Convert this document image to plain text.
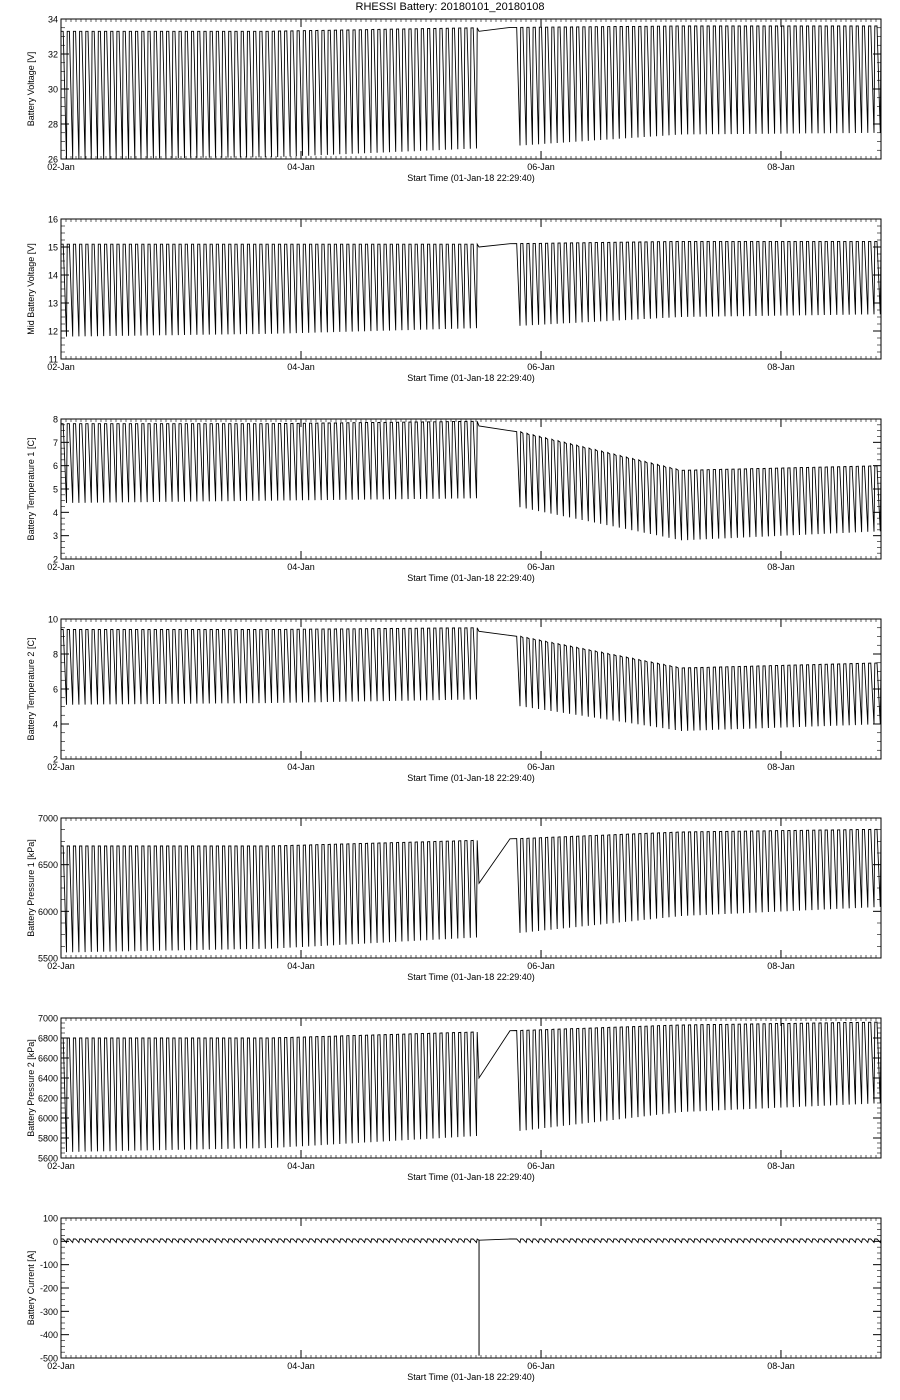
RHESSI Battery: 20180101_20180108
02-Jan	04-Jan	06-Jan	08-Jan
Start Time (01-Jan-18 22:29:40)
26
28
30
32
34
Battery Voltage [V]
02-Jan	04-Jan	06-Jan	08-Jan
Start Time (01-Jan-18 22:29:40)
11
12
13
14
15
16
Mid Battery Voltage [V]
02-Jan	04-Jan	06-Jan	08-Jan
Start Time (01-Jan-18 22:29:40)
2
3
4
5
6
7
8
Battery Temperature 1 [C]
02-Jan	04-Jan	06-Jan	08-Jan
Start Time (01-Jan-18 22:29:40)
2
4
6
8
10
Battery Temperature 2 [C]
02-Jan	04-Jan	06-Jan	08-Jan
Start Time (01-Jan-18 22:29:40)
5500
6000
6500
7000
Battery Pressure 1 [kPa]
02-Jan	04-Jan	06-Jan	08-Jan
Start Time (01-Jan-18 22:29:40)
5600
5800
6000
6200
6400
6600
6800
7000
Battery Pressure 2 [kPa]
02-Jan	04-Jan	06-Jan	08-Jan
Start Time (01-Jan-18 22:29:40)
-500
-400
-300
-200
-100
0
100
Battery Current [A]
